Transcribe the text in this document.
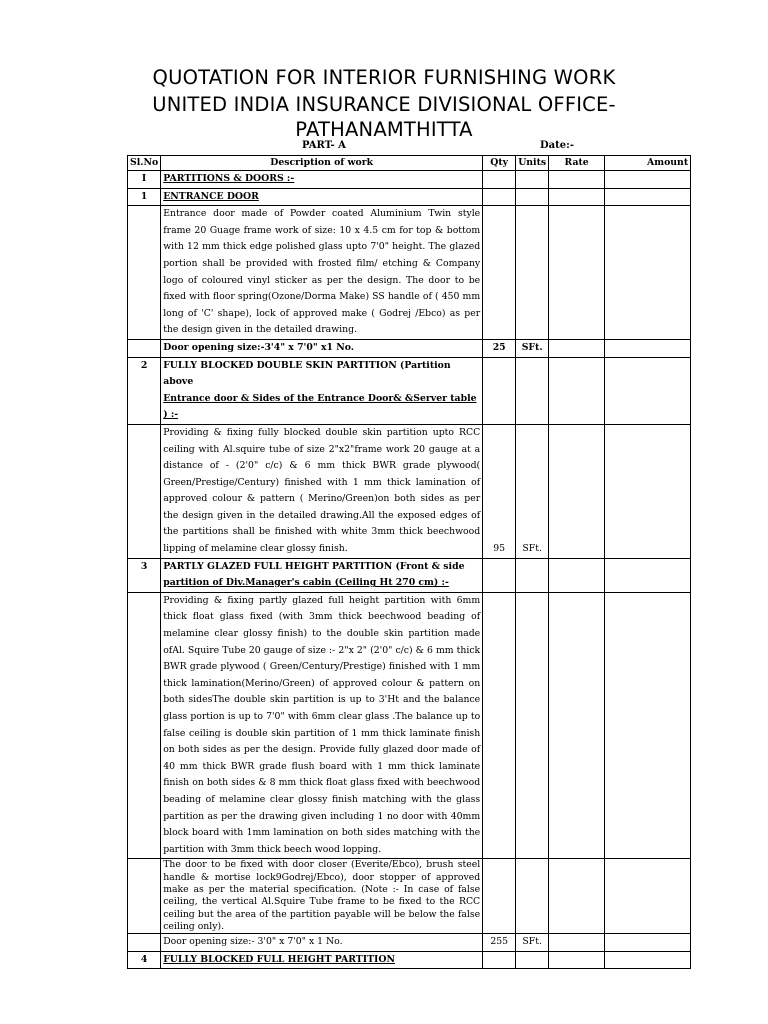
QUOTATION FOR INTERIOR FURNISHING WORK
UNITED INDIA INSURANCE DIVISIONAL OFFICE-
PATHANAMTHITTA
PART- A	Date:-
Sl.No	Description of work	Qty	Units	Rate	Amount
I	PARTITIONS & DOORS :-				
1	ENTRANCE DOOR				
	Entrance door made of Powder coated Aluminium Twin style frame 20 Guage frame work of size: 10 x 4.5 cm for top & bottom with 12 mm thick edge polished glass upto 7'0" height. The glazed portion shall be provided with frosted film/ etching & Company logo of coloured vinyl sticker as per the design. The door to be fixed with floor spring(Ozone/Dorma Make) SS handle of ( 450 mm long of 'C' shape), lock of approved make ( Godrej /Ebco) as per the design given in the detailed drawing.				
	Door opening size:-3'4" x 7'0" x1 No.	25	SFt.		
2	FULLY BLOCKED DOUBLE SKIN PARTITION (Partition above
Entrance door & Sides of the Entrance Door& &Server table ) :-				
	Providing & fixing fully blocked double skin partition upto RCC ceiling with Al.squire tube of size 2"x2"frame work 20 gauge at a distance of - (2'0" c/c) & 6 mm thick BWR grade plywood( Green/Prestige/Century) finished with 1 mm thick lamination of approved colour & pattern ( Merino/Green)on both sides as per the design given in the detailed drawing.All the exposed edges of the partitions shall be finished with white 3mm thick beechwood lipping of melamine clear glossy finish.	95	SFt.		
3	PARTLY GLAZED FULL HEIGHT PARTITION (Front & side
partition of Div.Manager's cabin (Ceiling Ht 270 cm) :-				
	Providing & fixing partly glazed full height partition with 6mm thick float glass fixed (with 3mm thick beechwood beading of melamine clear glossy finish) to the double skin partition made ofAl. Squire Tube 20 gauge of size :- 2"x 2" (2'0" c/c) & 6 mm thick BWR grade plywood ( Green/Century/Prestige) finished with 1 mm thick lamination(Merino/Green) of approved colour & pattern on both sidesThe double skin partition is up to 3'Ht and the balance glass portion is up to 7'0" with 6mm clear glass .The balance up to false ceiling is double skin partition of 1 mm thick laminate finish on both sides as per the design. Provide fully glazed door made of 40 mm thick BWR grade flush board with 1 mm thick laminate finish on both sides & 8 mm thick float glass fixed with beechwood beading of melamine clear glossy finish matching with the glass partition as per the drawing given including 1 no door with 40mm block board with 1mm lamination on both sides matching with the partition with 3mm thick beech wood lopping.				
	The door to be fixed with door closer (Everite/Ebco), brush steel handle & mortise lock9Godrej/Ebco), door stopper of approved make as per the material specification. (Note :- In case of false ceiling, the vertical Al.Squire Tube frame to be fixed to the RCC ceiling but the area of the partition payable will be below the false ceiling only).				
	Door opening size:- 3'0" x 7'0" x 1 No.	255	SFt.		
4	FULLY BLOCKED FULL HEIGHT PARTITION				
